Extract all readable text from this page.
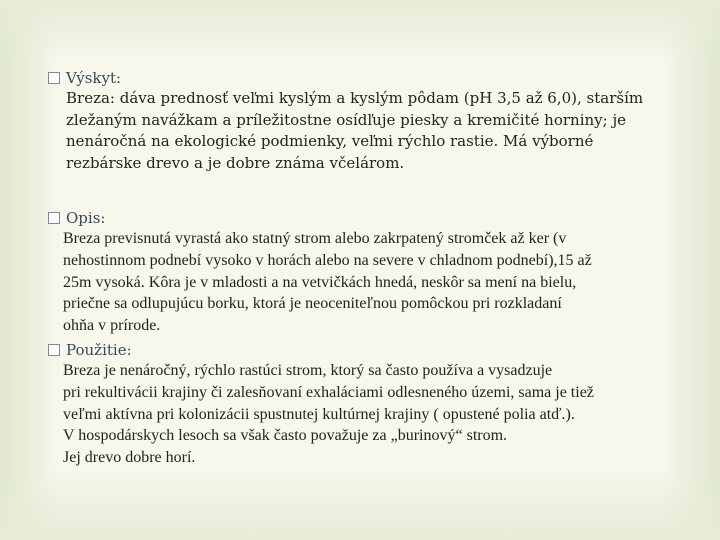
Výskyt:
Breza: dáva prednosť veľmi kyslým a kyslým pôdam (pH 3,5 až 6,0), starším
zležaným navážkam a príležitostne osídľuje piesky a kremičité horniny; je
nenáročná na ekologické podmienky, veľmi rýchlo rastie. Má výborné
rezbárske drevo a je dobre známa včelárom.
Opis:
Breza previsnutá vyrastá ako statný strom alebo zakrpatený stromček až ker (v
nehostinnom podnebí vysoko v horách alebo na severe v chladnom podnebí),15 až
25m vysoká. Kôra je v mladosti a na vetvičkách hnedá, neskôr sa mení na bielu,
priečne sa odlupujúcu borku, ktorá je neoceniteľnou pomôckou pri rozkladaní
ohňa v prírode.
Použitie:
Breza je nenáročný, rýchlo rastúci strom, ktorý sa často používa a vysadzuje
pri rekultivácii krajiny či zalesňovaní exhaláciami odlesneného územi, sama je tiež
veľmi aktívna pri kolonizácii spustnutej kultúrnej krajiny ( opustené polia atď.).
V hospodárskych lesoch sa však často považuje za „burinový“ strom.
Jej drevo dobre horí.
